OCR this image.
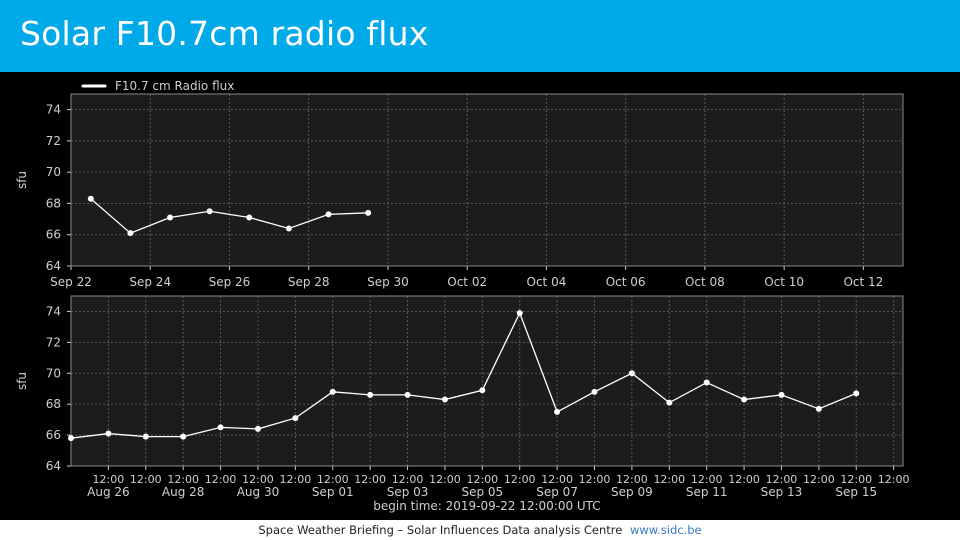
Solar F10.7cm radio flux
64
66
68
70
72
74
Sep 22	Sep 24	Sep 26	Sep 28	Sep 30	Oct 02	Oct 04	Oct 06	Oct 08	Oct 10	Oct 12
sfu
F10.7 cm Radio flux
64
66
68
70
72
74
12:00
Aug 26
12:00 12:00
Aug 28
12:00 12:00
Aug 30
12:00 12:00
Sep 01
12:00 12:00
Sep 03
12:00 12:00
Sep 05
12:00 12:00
Sep 07
12:00 12:00
Sep 09
12:00 12:00
Sep 11
12:00 12:00
Sep 13
12:00 12:00
Sep 15
12:00
sfu
begin time: 2019-09-22 12:00:00 UTC
Space Weather Briefing – Solar Influences Data analysis Centre www.sidc.be
